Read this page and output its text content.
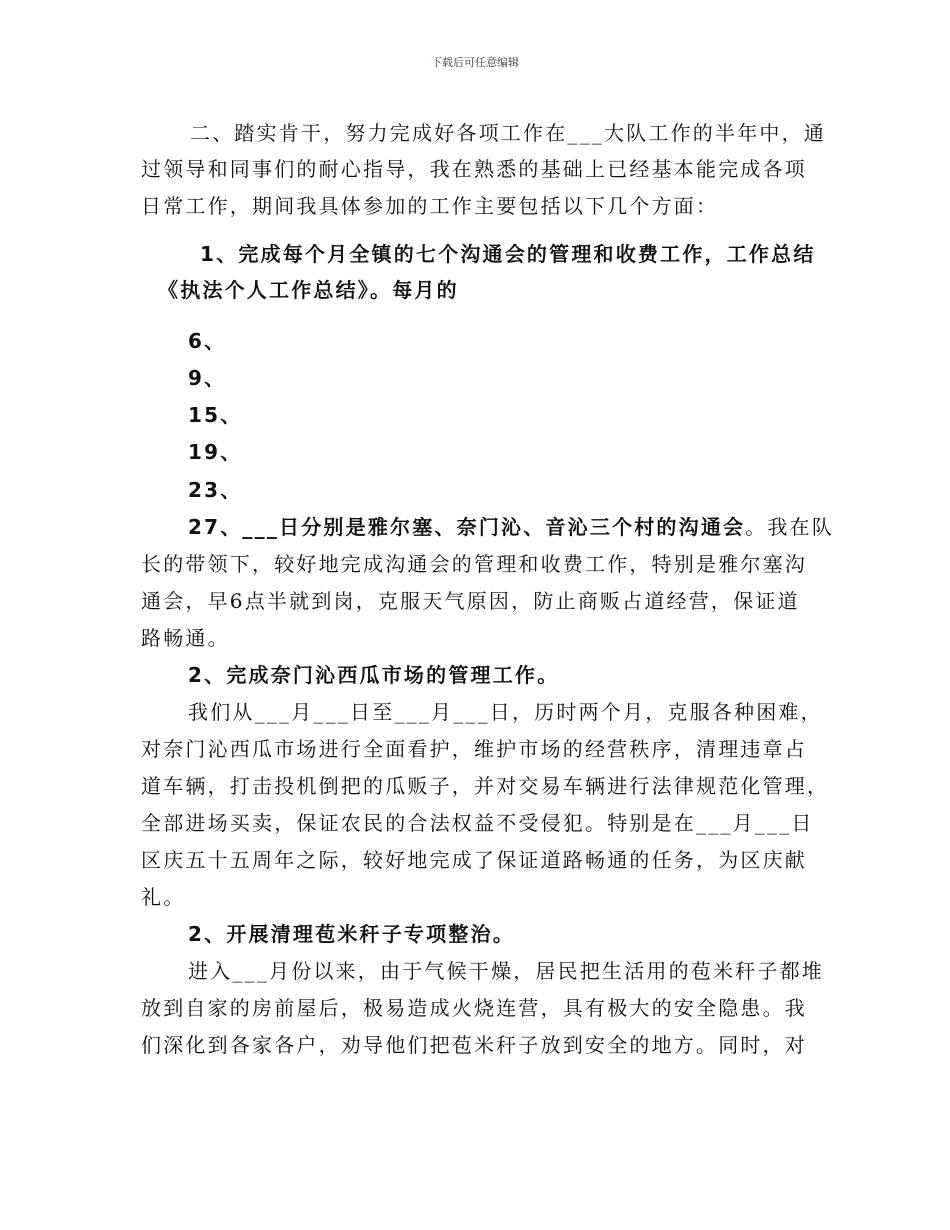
下载后可任意编辑
二、踏实肯干，努力完成好各项工作在___大队工作的半年中，通
过领导和同事们的耐心指导，我在熟悉的基础上已经基本能完成各项
日常工作，期间我具体参加的工作主要包括以下几个方面：
1、完成每个月全镇的七个沟通会的管理和收费工作，工作总结
《执法个人工作总结》。每月的
6、
9、
15、
19、
23、
27、___日分别是雅尔塞、奈门沁、音沁三个村的沟通会。我在队
长的带领下，较好地完成沟通会的管理和收费工作，特别是雅尔塞沟
通会，早6点半就到岗，克服天气原因，防止商贩占道经营，保证道
路畅通。
2、完成奈门沁西瓜市场的管理工作。
我们从___月___日至___月___日，历时两个月，克服各种困难，
对奈门沁西瓜市场进行全面看护，维护市场的经营秩序，清理违章占
道车辆，打击投机倒把的瓜贩子，并对交易车辆进行法律规范化管理，
全部进场买卖，保证农民的合法权益不受侵犯。特别是在___月___日
区庆五十五周年之际，较好地完成了保证道路畅通的任务，为区庆献
礼。
2、开展清理苞米秆子专项整治。
进入___月份以来，由于气候干燥，居民把生活用的苞米秆子都堆
放到自家的房前屋后，极易造成火烧连营，具有极大的安全隐患。我
们深化到各家各户，劝导他们把苞米秆子放到安全的地方。同时，对
